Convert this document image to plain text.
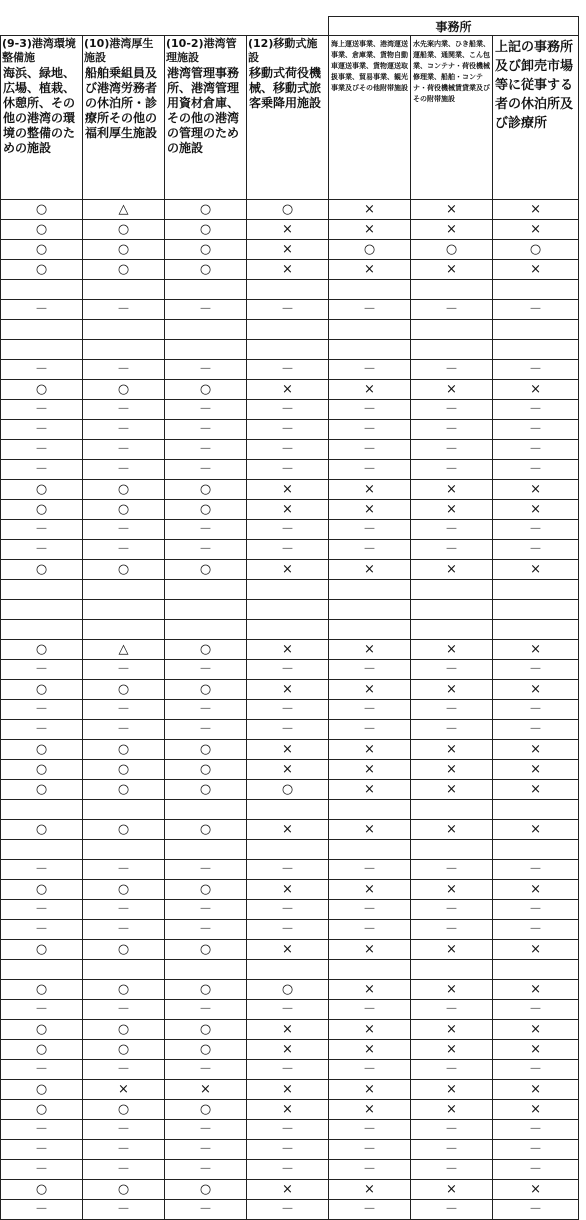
				事務所		
(9-3)港湾環境整備施	(10)港湾厚生施設	(10-2)港湾管理施設	(12)移動式施設	海上運送事業、港湾運送事業、倉庫業、貨物自動車運送事業、貨物運送取扱事業、貿易事業、観光事業及びその他附帯施設	水先案内業、ひき船業、運船業、通関業、こん包業、コンテナ・荷役機械修理業、船舶・コンテナ・荷役機械賃貸業及びその附帯施設	上記の事務所及び卸売市場等に従事する者の休泊所及び診療所
海浜、緑地、広場、植栽、休憩所、その他の港湾の環境の整備のための施設	船舶乗組員及び港湾労務者の休泊所・診療所その他の福利厚生施設	港湾管理事務所、港湾管理用資材倉庫、その他の港湾の管理のための施設	移動式荷役機械、移動式旅客乗降用施設			
○	△	○	○	×	×	×
○	○	○	×	×	×	×
○	○	○	×	○	○	○
○	○	○	×	×	×	×

－	－	－	－	－	－	－

－	－	－	－	－	－	－
○	○	○	×	×	×	×
－	－	－	－	－	－	－
－	－	－	－	－	－	－
－	－	－	－	－	－	－
－	－	－	－	－	－	－
○	○	○	×	×	×	×
○	○	○	×	×	×	×
－	－	－	－	－	－	－
－	－	－	－	－	－	－
○	○	○	×	×	×	×

○	△	○	×	×	×	×
－	－	－	－	－	－	－
○	○	○	×	×	×	×
－	－	－	－	－	－	－
－	－	－	－	－	－	－
○	○	○	×	×	×	×
○	○	○	×	×	×	×
○	○	○	○	×	×	×

○	○	○	×	×	×	×

－	－	－	－	－	－	－
○	○	○	×	×	×	×
－	－	－	－	－	－	－
－	－	－	－	－	－	－
○	○	○	×	×	×	×

○	○	○	○	×	×	×
－	－	－	－	－	－	－
○	○	○	×	×	×	×
○	○	○	×	×	×	×
－	－	－	－	－	－	－
○	×	×	×	×	×	×
○	○	○	×	×	×	×
－	－	－	－	－	－	－
－	－	－	－	－	－	－
－	－	－	－	－	－	－
○	○	○	×	×	×	×
－	－	－	－	－	－	－
